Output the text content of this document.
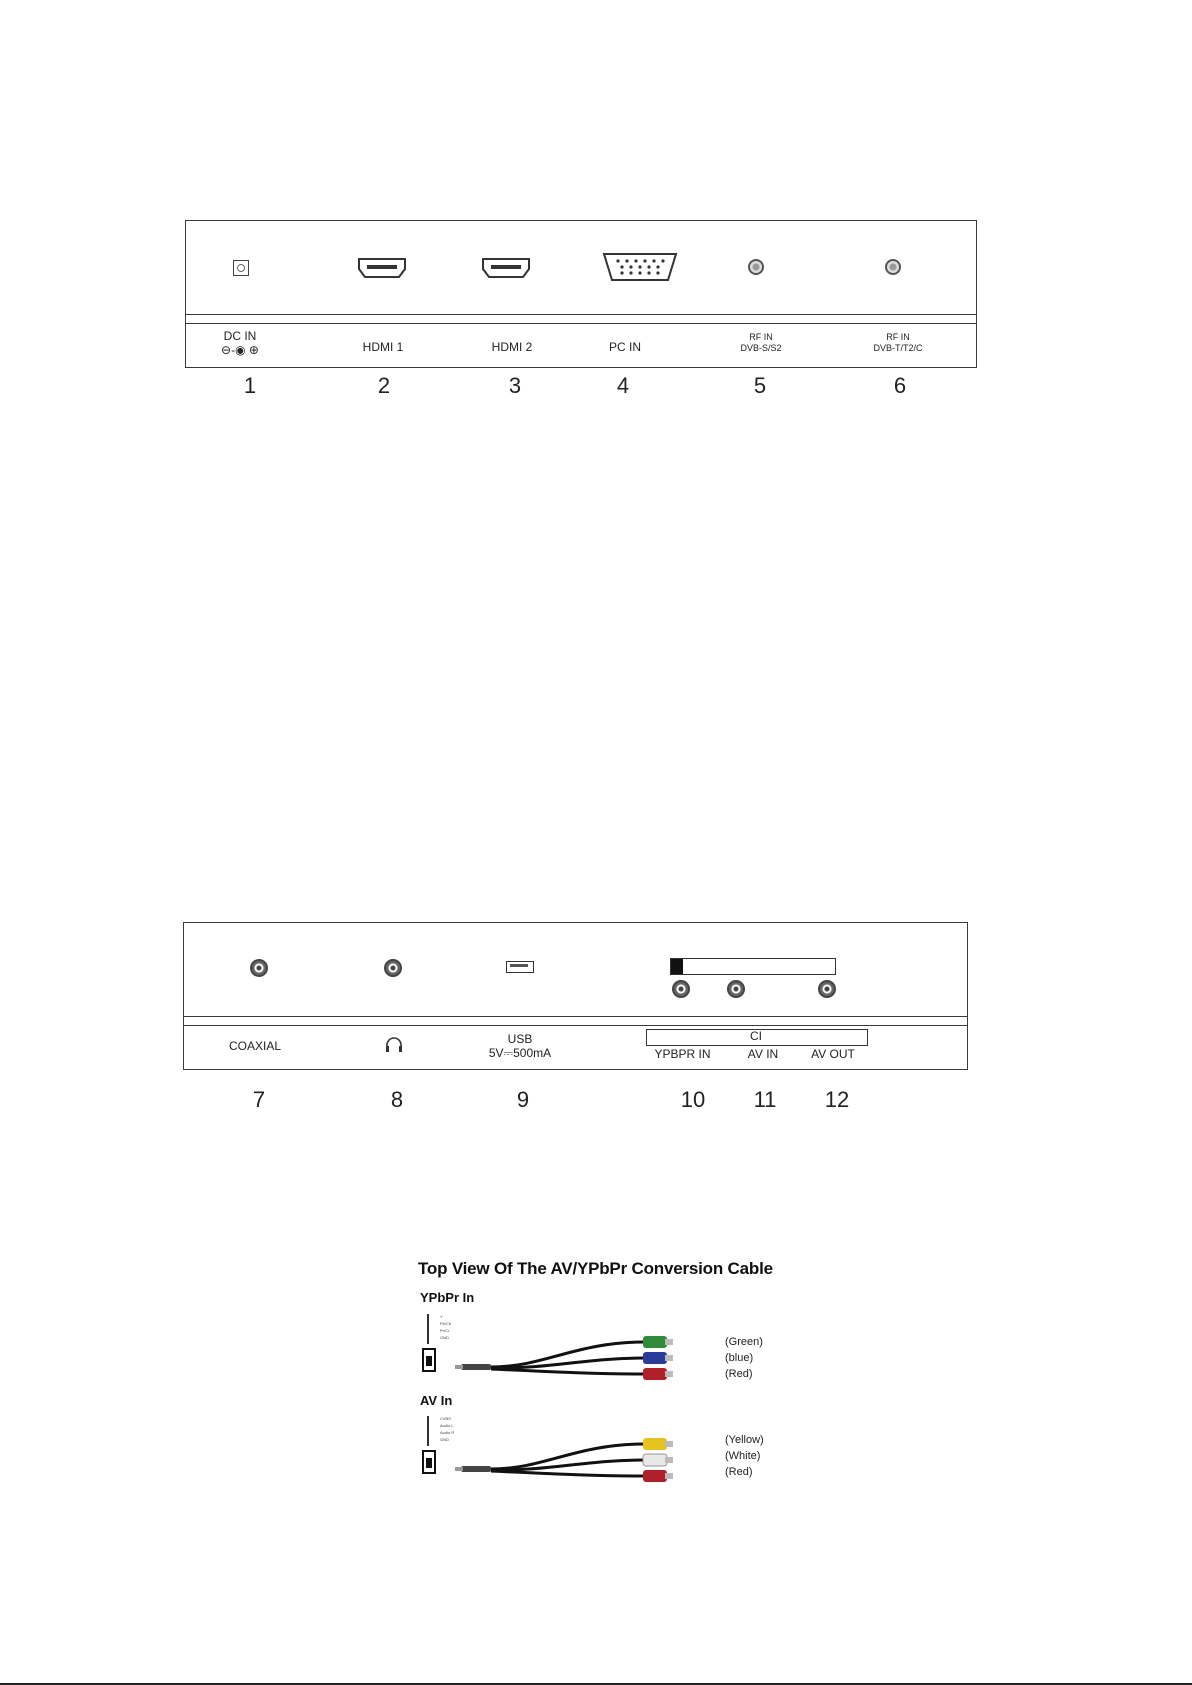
DC IN
⊖-◉ ⊕
1
HDMI 1
2
HDMI 2
3
PC IN
4
RF IN
DVB-S/S2
5
RF IN
DVB-T/T2/C
6
COAXIAL
7	8
USB
5V⎓500mA
9
CI
YPBPR IN
10
AV IN
11
AV OUT
12
Top View Of The AV/YPbPr Conversion Cable
YPbPr In
Y
Pb/Cb
Pr/Cr
GND	(Green)
(blue)
(Red)
AV In
CVBS
Audio L
Audio R
GND	(Yellow)
(White)
(Red)
